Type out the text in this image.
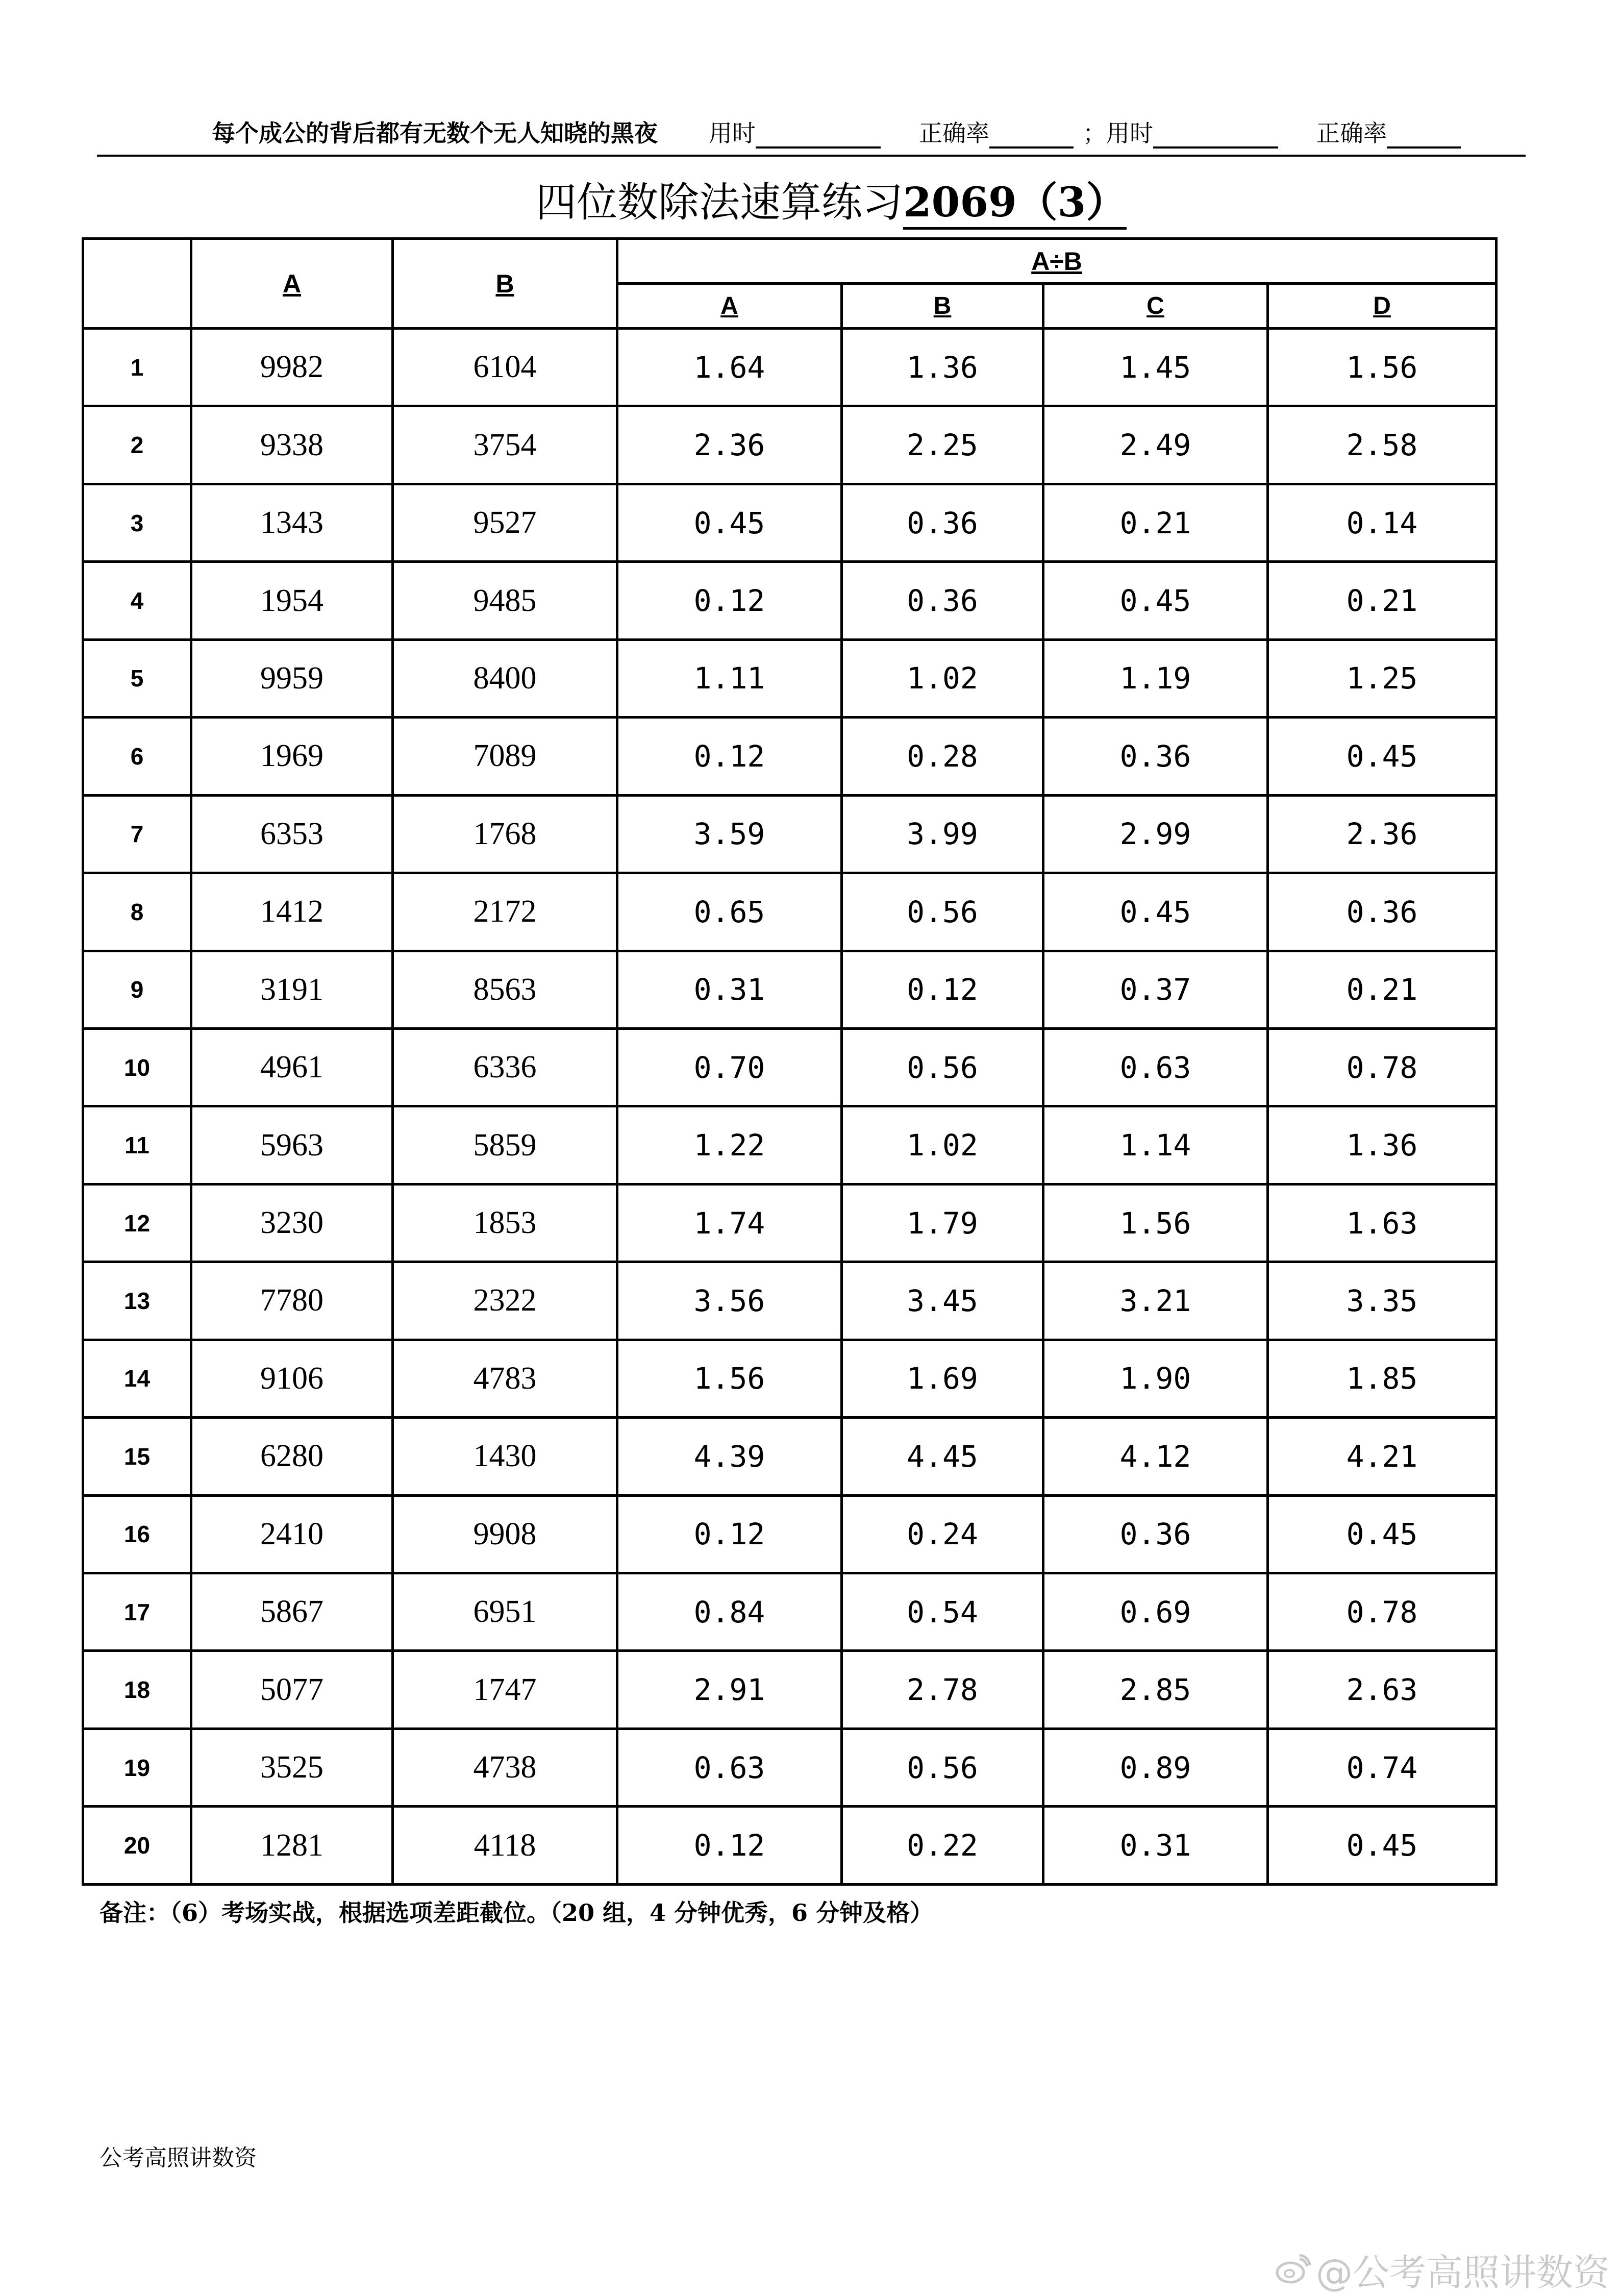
每个成公的背后都有无数个无人知晓的黑夜 用时	正确率	；用时	正确率
四位数除法速算练习2069（3）
	A	B	A÷B			
			A	B	C	D
1	9982	6104	1.64	1.36	1.45	1.56
2	9338	3754	2.36	2.25	2.49	2.58
3	1343	9527	0.45	0.36	0.21	0.14
4	1954	9485	0.12	0.36	0.45	0.21
5	9959	8400	1.11	1.02	1.19	1.25
6	1969	7089	0.12	0.28	0.36	0.45
7	6353	1768	3.59	3.99	2.99	2.36
8	1412	2172	0.65	0.56	0.45	0.36
9	3191	8563	0.31	0.12	0.37	0.21
10	4961	6336	0.70	0.56	0.63	0.78
11	5963	5859	1.22	1.02	1.14	1.36
12	3230	1853	1.74	1.79	1.56	1.63
13	7780	2322	3.56	3.45	3.21	3.35
14	9106	4783	1.56	1.69	1.90	1.85
15	6280	1430	4.39	4.45	4.12	4.21
16	2410	9908	0.12	0.24	0.36	0.45
17	5867	6951	0.84	0.54	0.69	0.78
18	5077	1747	2.91	2.78	2.85	2.63
19	3525	4738	0.63	0.56	0.89	0.74
20	1281	4118	0.12	0.22	0.31	0.45
备注：（6）考场实战，根据选项差距截位。（20 组，4 分钟优秀，6 分钟及格）
公考高照讲数资
@公考高照讲数资
